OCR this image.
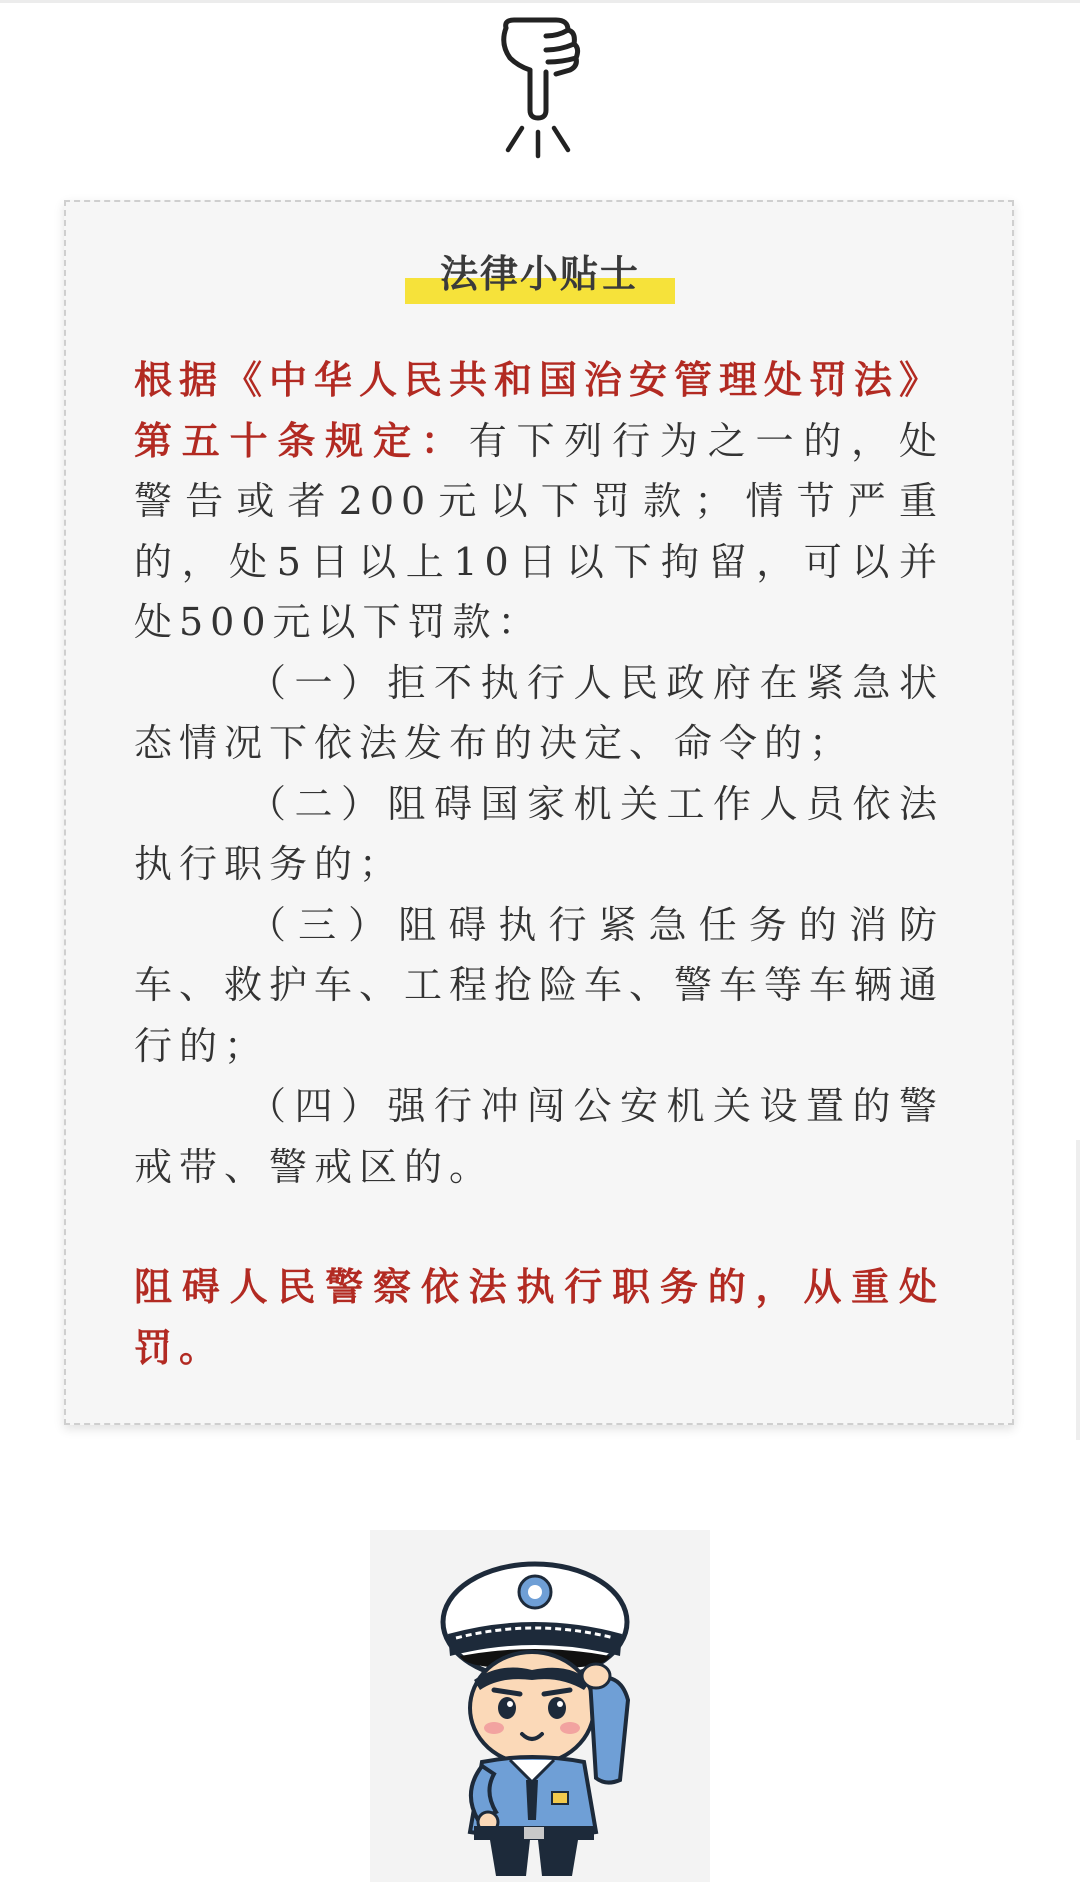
法律小贴士

根据《中华人民共和国治安管理处罚法》第五十条规定：有下列行为之一的，处警告或者200元以下罚款；情节严重的，处5日以上10日以下拘留，可以并处500元以下罚款：

（一）拒不执行人民政府在紧急状态情况下依法发布的决定、命令的；

（二）阻碍国家机关工作人员依法执行职务的；

（三）阻碍执行紧急任务的消防车、救护车、工程抢险车、警车等车辆通行的；

（四）强行冲闯公安机关设置的警戒带、警戒区的。

阻碍人民警察依法执行职务的，从重处罚。
